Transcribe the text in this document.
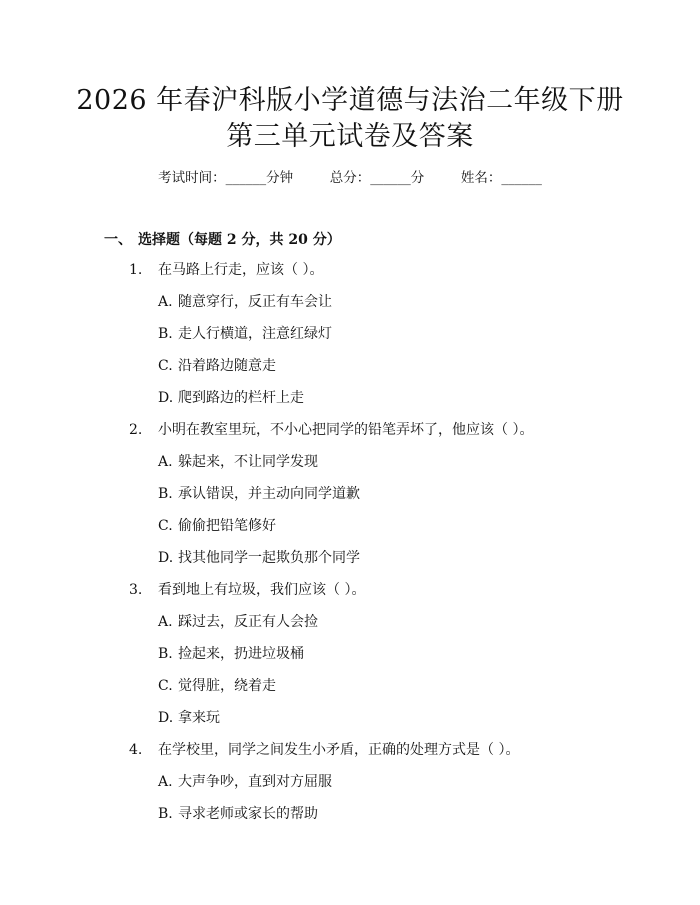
2026 年春沪科版小学道德与法治二年级下册
第三单元试卷及答案
考试时间：______分钟	总分：______分	姓名：______
一、 选择题（每题 2 分，共 20 分）
1. 在马路上行走，应该（ ）。
A. 随意穿行，反正有车会让
B. 走人行横道，注意红绿灯
C. 沿着路边随意走
D. 爬到路边的栏杆上走
2. 小明在教室里玩，不小心把同学的铅笔弄坏了，他应该（ ）。
A. 躲起来，不让同学发现
B. 承认错误，并主动向同学道歉
C. 偷偷把铅笔修好
D. 找其他同学一起欺负那个同学
3. 看到地上有垃圾，我们应该（ ）。
A. 踩过去，反正有人会捡
B. 捡起来，扔进垃圾桶
C. 觉得脏，绕着走
D. 拿来玩
4. 在学校里，同学之间发生小矛盾，正确的处理方式是（ ）。
A. 大声争吵，直到对方屈服
B. 寻求老师或家长的帮助
